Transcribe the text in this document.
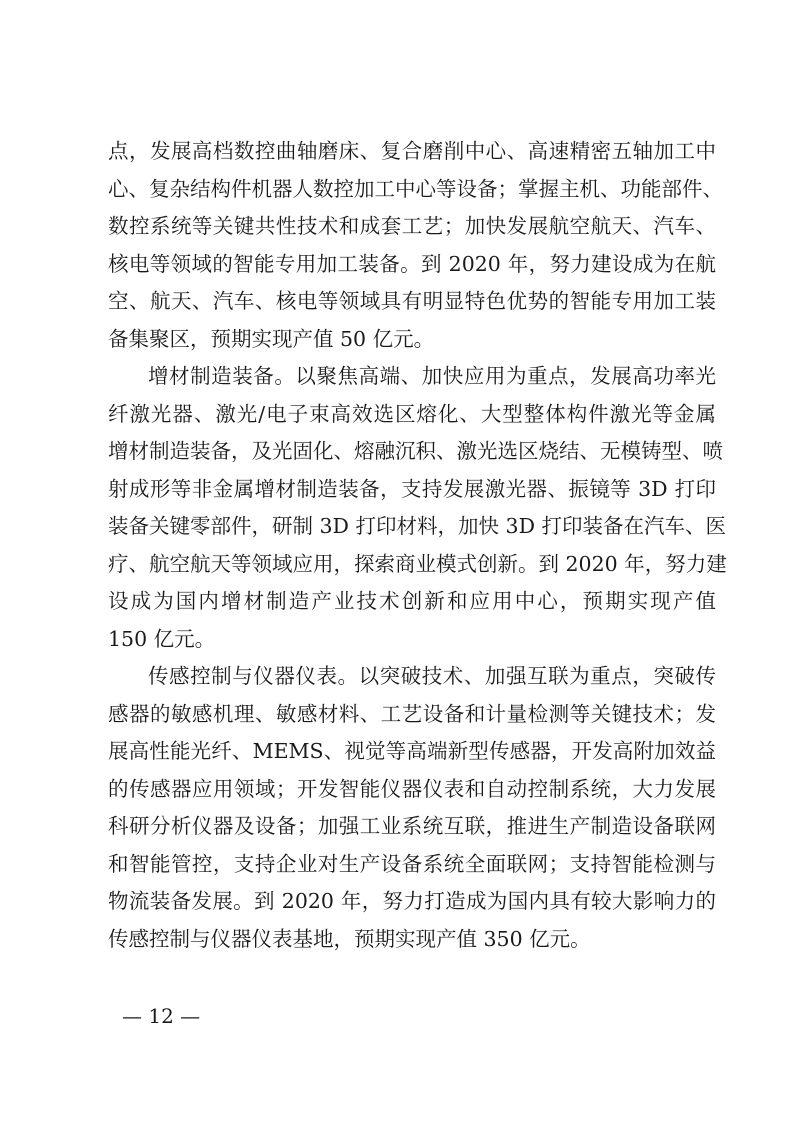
点，发展高档数控曲轴磨床、复合磨削中心、高速精密五轴加工中
心、复杂结构件机器人数控加工中心等设备；掌握主机、功能部件、
数控系统等关键共性技术和成套工艺；加快发展航空航天、汽车、
核电等领域的智能专用加工装备。到 2020 年，努力建设成为在航
空、航天、汽车、核电等领域具有明显特色优势的智能专用加工装
备集聚区，预期实现产值 50 亿元。
增材制造装备。以聚焦高端、加快应用为重点，发展高功率光
纤激光器、激光/电子束高效选区熔化、大型整体构件激光等金属
增材制造装备，及光固化、熔融沉积、激光选区烧结、无模铸型、喷
射成形等非金属增材制造装备，支持发展激光器、振镜等 3D 打印
装备关键零部件，研制 3D 打印材料，加快 3D 打印装备在汽车、医
疗、航空航天等领域应用，探索商业模式创新。到 2020 年，努力建
设成为国内增材制造产业技术创新和应用中心，预期实现产值
150 亿元。
传感控制与仪器仪表。以突破技术、加强互联为重点，突破传
感器的敏感机理、敏感材料、工艺设备和计量检测等关键技术；发
展高性能光纤、MEMS、视觉等高端新型传感器，开发高附加效益
的传感器应用领域；开发智能仪器仪表和自动控制系统，大力发展
科研分析仪器及设备；加强工业系统互联，推进生产制造设备联网
和智能管控，支持企业对生产设备系统全面联网；支持智能检测与
物流装备发展。到 2020 年，努力打造成为国内具有较大影响力的
传感控制与仪器仪表基地，预期实现产值 350 亿元。
— 12 —
